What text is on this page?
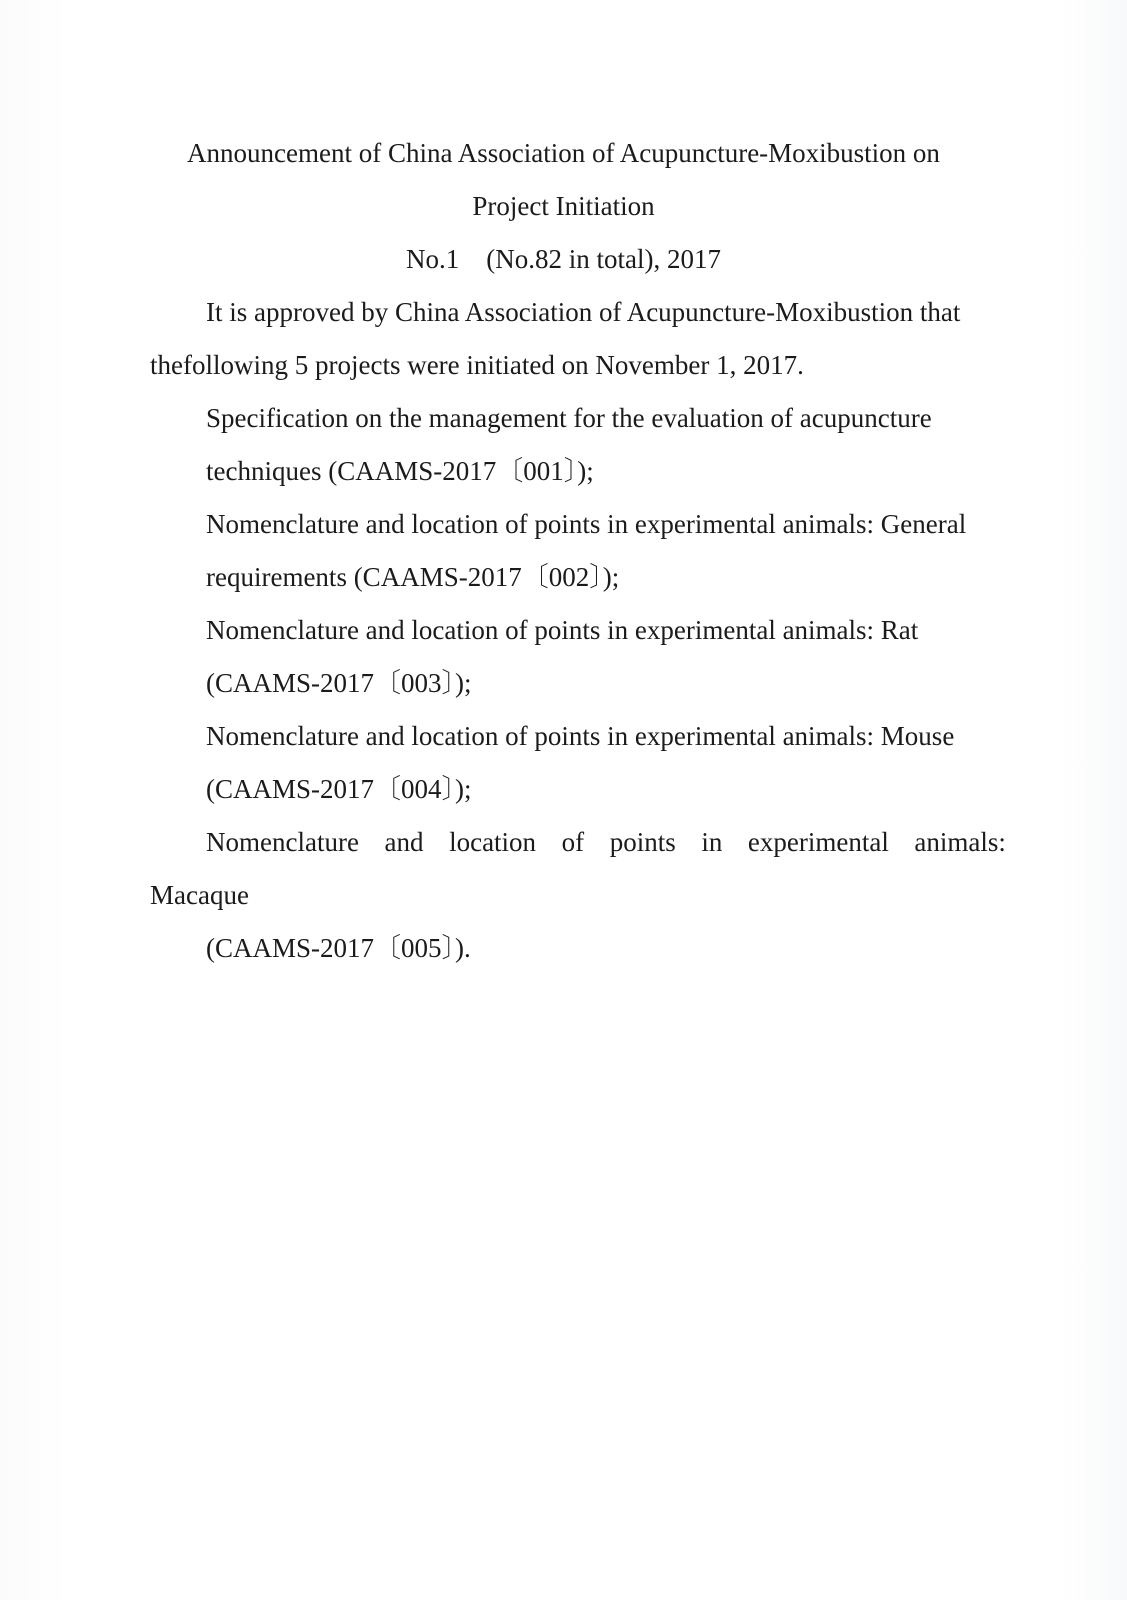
Announcement of China Association of Acupuncture-Moxibustion on
Project Initiation
No.1    (No.82 in total), 2017
It is approved by China Association of Acupuncture-Moxibustion that
thefollowing 5 projects were initiated on November 1, 2017.
Specification on the management for the evaluation of acupuncture
techniques (CAAMS-2017〔001〕);
Nomenclature and location of points in experimental animals: General
requirements (CAAMS-2017〔002〕);
Nomenclature and location of points in experimental animals: Rat
(CAAMS-2017〔003〕);
Nomenclature and location of points in experimental animals: Mouse
(CAAMS-2017〔004〕);
Nomenclature and location of points in experimental animals:
Macaque
(CAAMS-2017〔005〕).
